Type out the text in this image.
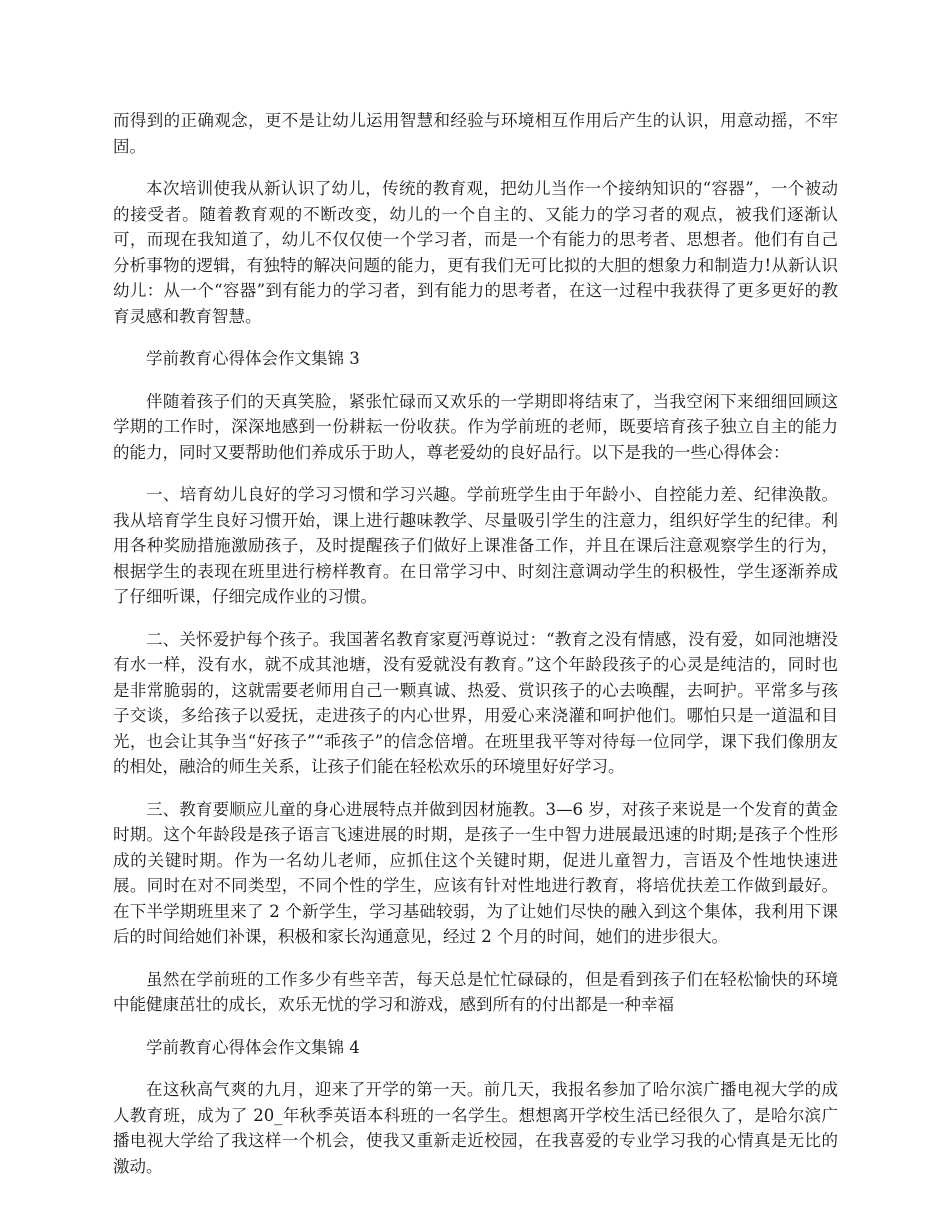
而得到的正确观念，更不是让幼儿运用智慧和经验与环境相互作用后产生的认识，用意动摇，不牢固。

本次培训使我从新认识了幼儿，传统的教育观，把幼儿当作一个接纳知识的“容器”，一个被动的接受者。随着教育观的不断改变，幼儿的一个自主的、又能力的学习者的观点，被我们逐渐认可，而现在我知道了，幼儿不仅仅使一个学习者，而是一个有能力的思考者、思想者。他们有自己分析事物的逻辑，有独特的解决问题的能力，更有我们无可比拟的大胆的想象力和制造力!从新认识幼儿：从一个“容器”到有能力的学习者，到有能力的思考者，在这一过程中我获得了更多更好的教育灵感和教育智慧。

学前教育心得体会作文集锦 3

伴随着孩子们的天真笑脸，紧张忙碌而又欢乐的一学期即将结束了，当我空闲下来细细回顾这学期的工作时，深深地感到一份耕耘一份收获。作为学前班的老师，既要培育孩子独立自主的能力的能力，同时又要帮助他们养成乐于助人，尊老爱幼的良好品行。以下是我的一些心得体会：

一、培育幼儿良好的学习习惯和学习兴趣。学前班学生由于年龄小、自控能力差、纪律涣散。我从培育学生良好习惯开始，课上进行趣味教学、尽量吸引学生的注意力，组织好学生的纪律。利用各种奖励措施激励孩子，及时提醒孩子们做好上课准备工作，并且在课后注意观察学生的行为，根据学生的表现在班里进行榜样教育。在日常学习中、时刻注意调动学生的积极性，学生逐渐养成了仔细听课，仔细完成作业的习惯。

二、关怀爱护每个孩子。我国著名教育家夏沔尊说过：“教育之没有情感，没有爱，如同池塘没有水一样，没有水，就不成其池塘，没有爱就没有教育。”这个年龄段孩子的心灵是纯洁的，同时也是非常脆弱的，这就需要老师用自己一颗真诚、热爱、赏识孩子的心去唤醒，去呵护。平常多与孩子交谈，多给孩子以爱抚，走进孩子的内心世界，用爱心来浇灌和呵护他们。哪怕只是一道温和目光，也会让其争当“好孩子”“乖孩子”的信念倍增。在班里我平等对待每一位同学，课下我们像朋友的相处，融洽的师生关系，让孩子们能在轻松欢乐的环境里好好学习。

三、教育要顺应儿童的身心进展特点并做到因材施教。3—6 岁，对孩子来说是一个发育的黄金时期。这个年龄段是孩子语言飞速进展的时期，是孩子一生中智力进展最迅速的时期;是孩子个性形成的关键时期。作为一名幼儿老师，应抓住这个关键时期，促进儿童智力，言语及个性地快速进展。同时在对不同类型，不同个性的学生，应该有针对性地进行教育，将培优扶差工作做到最好。在下半学期班里来了 2 个新学生，学习基础较弱，为了让她们尽快的融入到这个集体，我利用下课后的时间给她们补课，积极和家长沟通意见，经过 2 个月的时间，她们的进步很大。

虽然在学前班的工作多少有些辛苦，每天总是忙忙碌碌的，但是看到孩子们在轻松愉快的环境中能健康茁壮的成长，欢乐无忧的学习和游戏，感到所有的付出都是一种幸福

学前教育心得体会作文集锦 4

在这秋高气爽的九月，迎来了开学的第一天。前几天，我报名参加了哈尔滨广播电视大学的成人教育班，成为了 20_年秋季英语本科班的一名学生。想想离开学校生活已经很久了，是哈尔滨广播电视大学给了我这样一个机会，使我又重新走近校园，在我喜爱的专业学习我的心情真是无比的激动。
